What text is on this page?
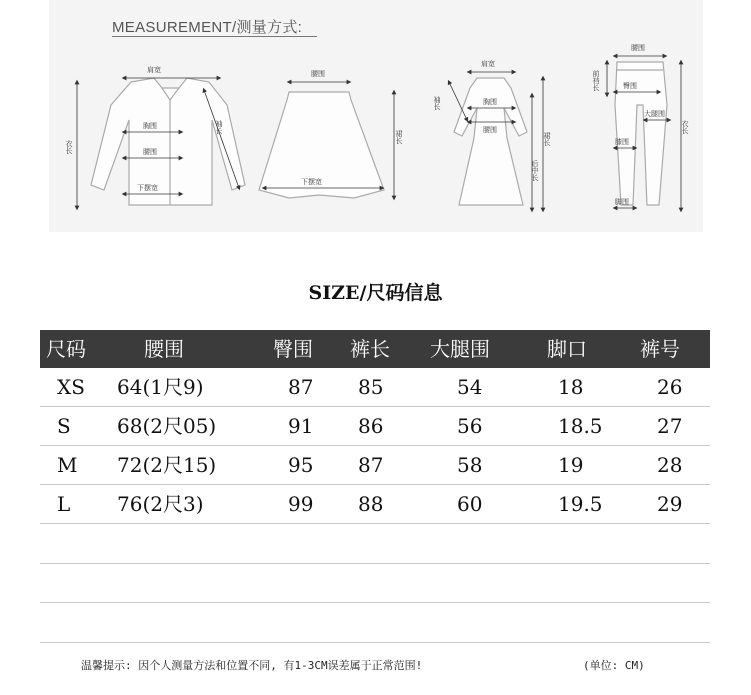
MEASUREMENT/测量方式:
肩宽
胸围
腰围
下摆宽
衣长
袖长
腰围
下摆宽
裙长
肩宽
胸围
腰围
袖长
裙长
后中长
腰围
前裆长	臀围
大腿围
膝围
脚围
衣长
SIZE/尺码信息
尺码	腰围	臀围 裤长 大腿围	脚口	裤号
XS 64(1尺9)	87 85	54	18	26
S 68(2尺05)	91 86	56	18.5	27
M 72(2尺15)	95 87	58	19	28
L 76(2尺3)	99 88	60	19.5	29
温馨提示: 因个人测量方法和位置不同, 有1-3CM误差属于正常范围!	(单位: CM)
